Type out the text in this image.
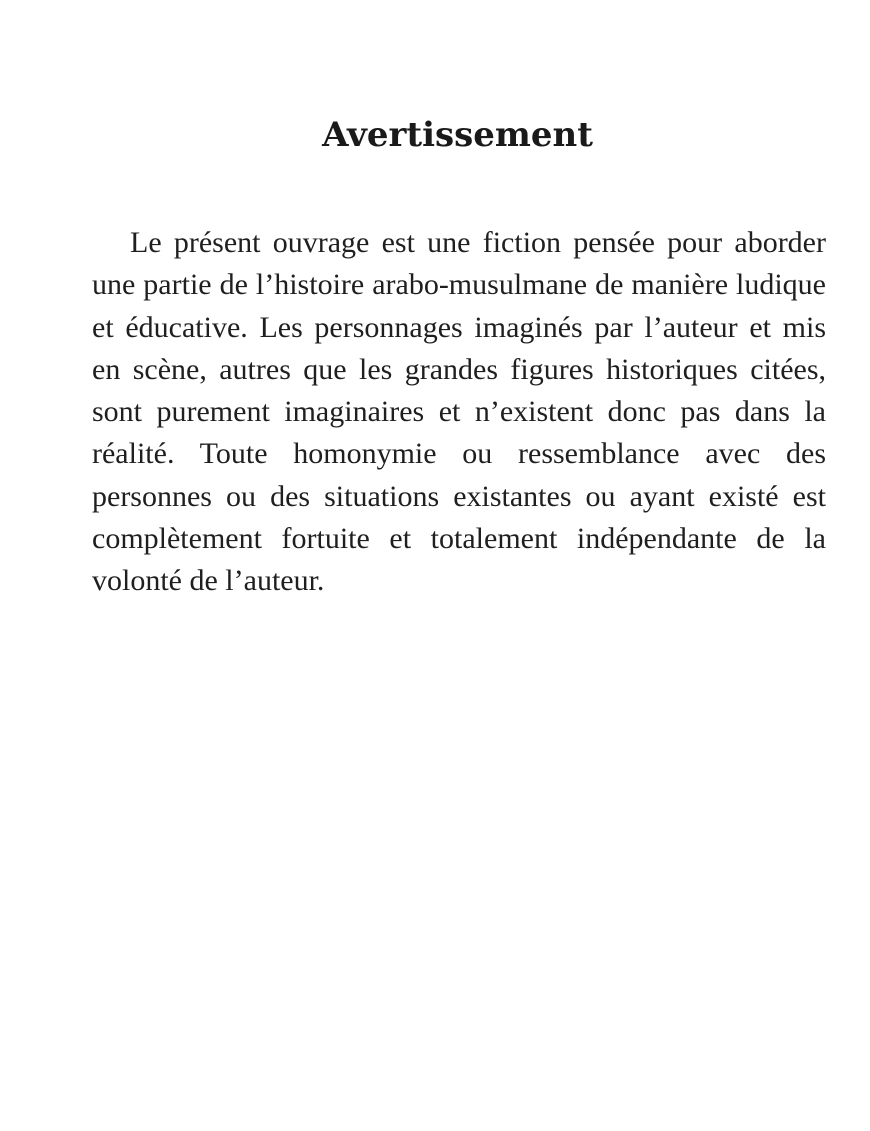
Avertissement

Le présent ouvrage est une fiction pensée pour aborder une partie de l’histoire arabo-musulmane de manière ludique et éducative. Les personnages imaginés par l’auteur et mis en scène, autres que les grandes figures historiques citées, sont purement imaginaires et n’existent donc pas dans la réalité. Toute homonymie ou ressemblance avec des personnes ou des situations existantes ou ayant existé est complètement fortuite et totalement indépendante de la volonté de l’auteur.
